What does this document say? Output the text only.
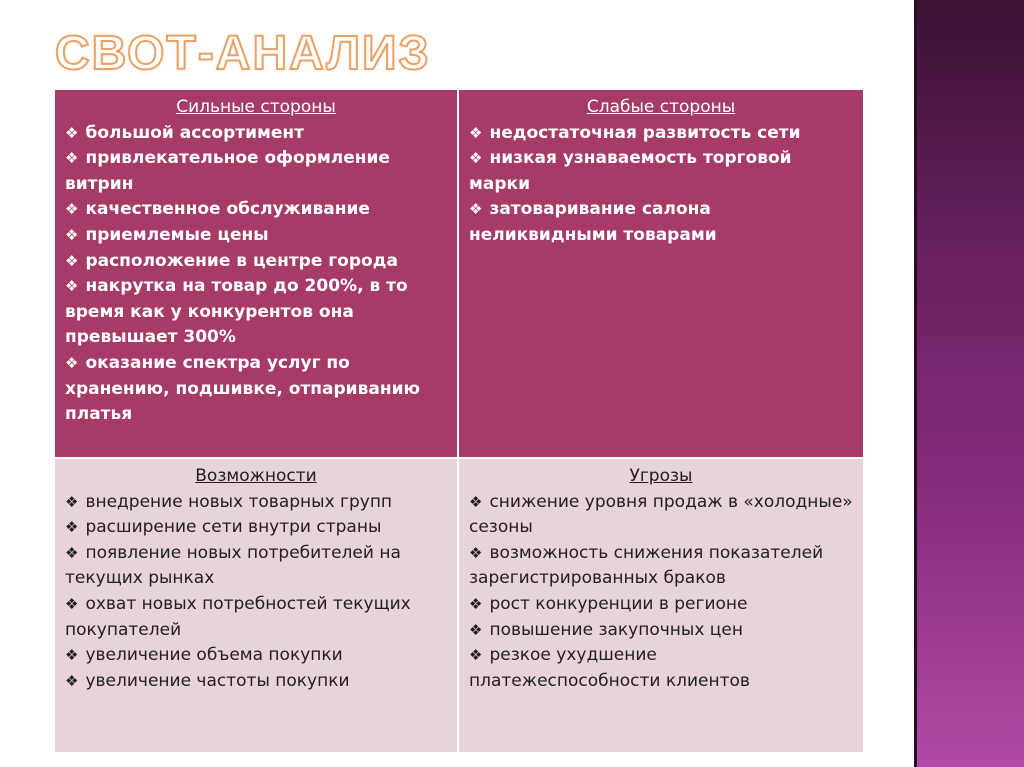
СВОТ-АНАЛИЗ

Сильные стороны

❖ большой ассортимент
❖ привлекательное оформление витрин
❖ качественное обслуживание
❖ приемлемые цены
❖ расположение в центре города
❖ накрутка на товар до 200%, в то время как у конкурентов она превышает 300%
❖ оказание спектра услуг по хранению, подшивке, отпариванию платья

Слабые стороны

❖ недостаточная развитость сети
❖ низкая узнаваемость торговой марки
❖ затоваривание салона неликвидными товарами

Возможности

❖ внедрение новых товарных групп
❖ расширение сети внутри страны
❖ появление новых потребителей на текущих рынках
❖ охват новых потребностей текущих покупателей
❖ увеличение объема покупки
❖ увеличение частоты покупки

Угрозы

❖ снижение уровня продаж в «холодные» сезоны
❖ возможность снижения показателей зарегистрированных браков
❖ рост конкуренции в регионе
❖ повышение закупочных цен
❖ резкое ухудшение платежеспособности клиентов
